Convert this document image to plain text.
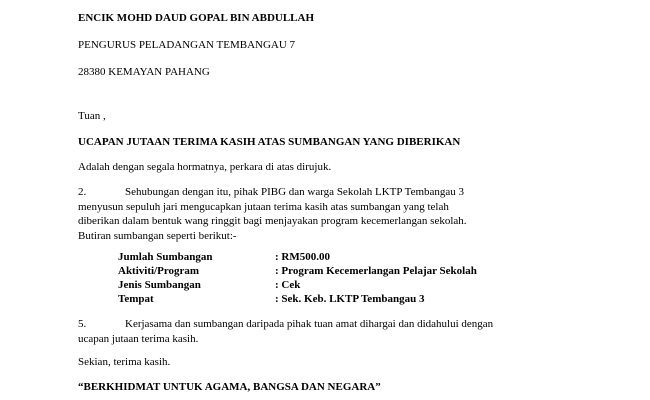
ENCIK MOHD DAUD GOPAL BIN ABDULLAH
PENGURUS PELADANGAN TEMBANGAU 7
28380 KEMAYAN PAHANG
Tuan ,
UCAPAN JUTAAN TERIMA KASIH ATAS SUMBANGAN YANG DIBERIKAN
Adalah dengan segala hormatnya, perkara di atas dirujuk.
2.	Sehubungan dengan itu, pihak PIBG dan warga Sekolah LKTP Tembangau 3
menyusun sepuluh jari mengucapkan jutaan terima kasih atas sumbangan yang telah
diberikan dalam bentuk wang ringgit bagi menjayakan program kecemerlangan sekolah.
Butiran sumbangan seperti berikut:-
Jumlah Sumbangan	: RM500.00
Aktiviti/Program	: Program Kecemerlangan Pelajar Sekolah
Jenis Sumbangan	: Cek
Tempat	: Sek. Keb. LKTP Tembangau 3
5.	Kerjasama dan sumbangan daripada pihak tuan amat dihargai dan didahului dengan
ucapan jutaan terima kasih.
Sekian, terima kasih.
“BERKHIDMAT UNTUK AGAMA, BANGSA DAN NEGARA”
